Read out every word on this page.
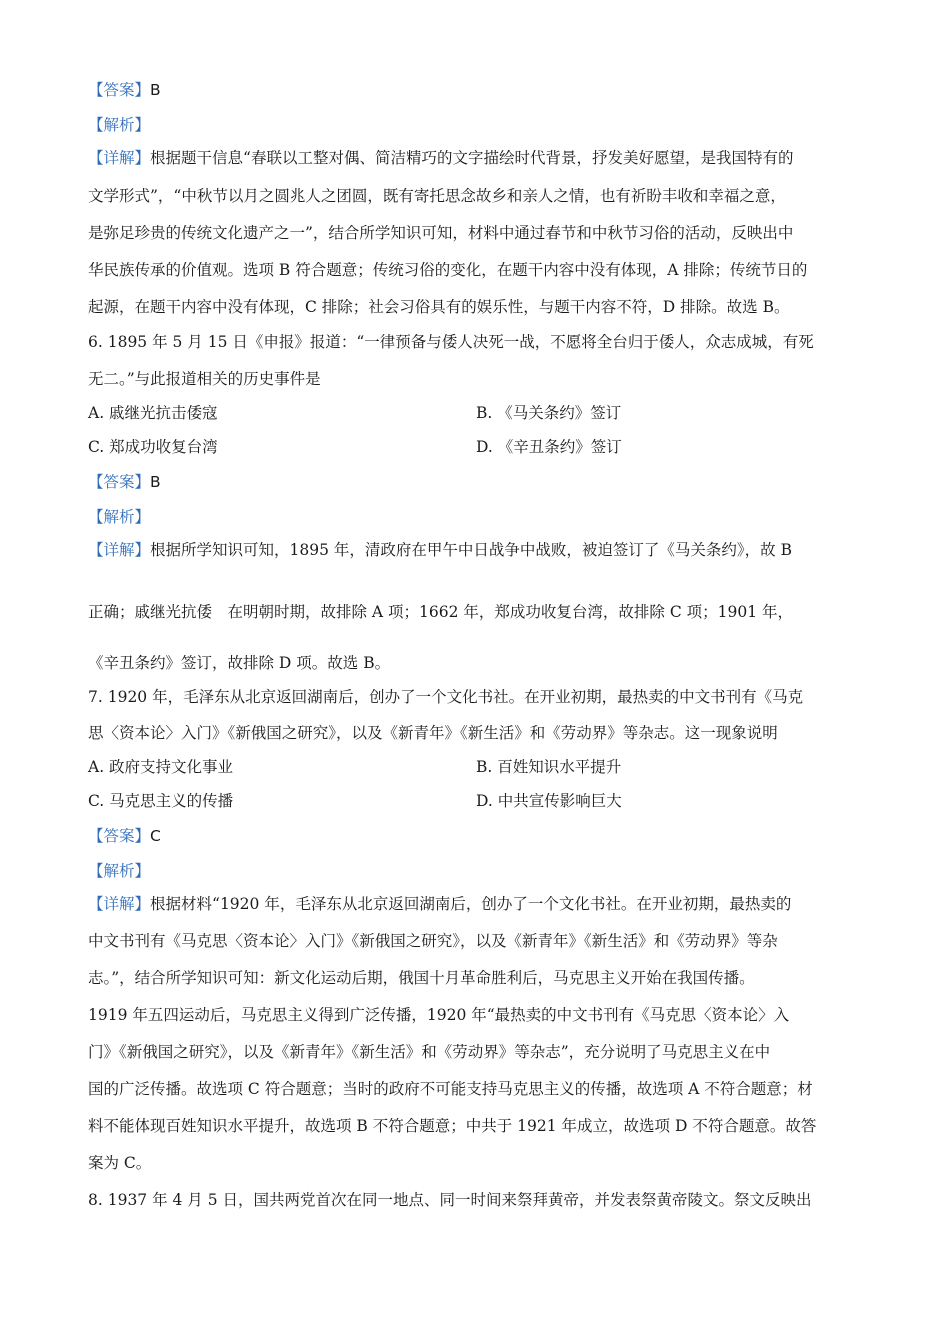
【答案】B
【解析】
【详解】根据题干信息“春联以工整对偶、简洁精巧的文字描绘时代背景，抒发美好愿望，是我国特有的
文学形式”，“中秋节以月之圆兆人之团圆，既有寄托思念故乡和亲人之情，也有祈盼丰收和幸福之意，
是弥足珍贵的传统文化遗产之一”，结合所学知识可知，材料中通过春节和中秋节习俗的活动，反映出中
华民族传承的价值观。选项 B 符合题意；传统习俗的变化，在题干内容中没有体现，A 排除；传统节日的
起源，在题干内容中没有体现，C 排除；社会习俗具有的娱乐性，与题干内容不符，D 排除。故选 B。
6. 1895 年 5 月 15 日《申报》报道：“一律预备与倭人决死一战，不愿将全台归于倭人，众志成城，有死
无二。”与此报道相关的历史事件是
A. 戚继光抗击倭寇	B. 《马关条约》签订
C. 郑成功收复台湾	D. 《辛丑条约》签订
【答案】B
【解析】
【详解】根据所学知识可知，1895 年，清政府在甲午中日战争中战败，被迫签订了《马关条约》，故 B
正确；戚继光抗倭　在明朝时期，故排除 A 项；1662 年，郑成功收复台湾，故排除 C 项；1901 年，
《辛丑条约》签订，故排除 D 项。故选 B。
7. 1920 年，毛泽东从北京返回湖南后，创办了一个文化书社。在开业初期，最热卖的中文书刊有《马克
思〈资本论〉入门》《新俄国之研究》，以及《新青年》《新生活》和《劳动界》等杂志。这一现象说明
A. 政府支持文化事业	B. 百姓知识水平提升
C. 马克思主义的传播	D. 中共宣传影响巨大
【答案】C
【解析】
【详解】根据材料“1920 年，毛泽东从北京返回湖南后，创办了一个文化书社。在开业初期，最热卖的
中文书刊有《马克思〈资本论〉入门》《新俄国之研究》，以及《新青年》《新生活》和《劳动界》等杂
志。”，结合所学知识可知：新文化运动后期，俄国十月革命胜利后，马克思主义开始在我国传播。
1919 年五四运动后，马克思主义得到广泛传播，1920 年“最热卖的中文书刊有《马克思〈资本论〉入
门》《新俄国之研究》，以及《新青年》《新生活》和《劳动界》等杂志”，充分说明了马克思主义在中
国的广泛传播。故选项 C 符合题意；当时的政府不可能支持马克思主义的传播，故选项 A 不符合题意；材
料不能体现百姓知识水平提升，故选项 B 不符合题意；中共于 1921 年成立，故选项 D 不符合题意。故答
案为 C。
8. 1937 年 4 月 5 日，国共两党首次在同一地点、同一时间来祭拜黄帝，并发表祭黄帝陵文。祭文反映出
